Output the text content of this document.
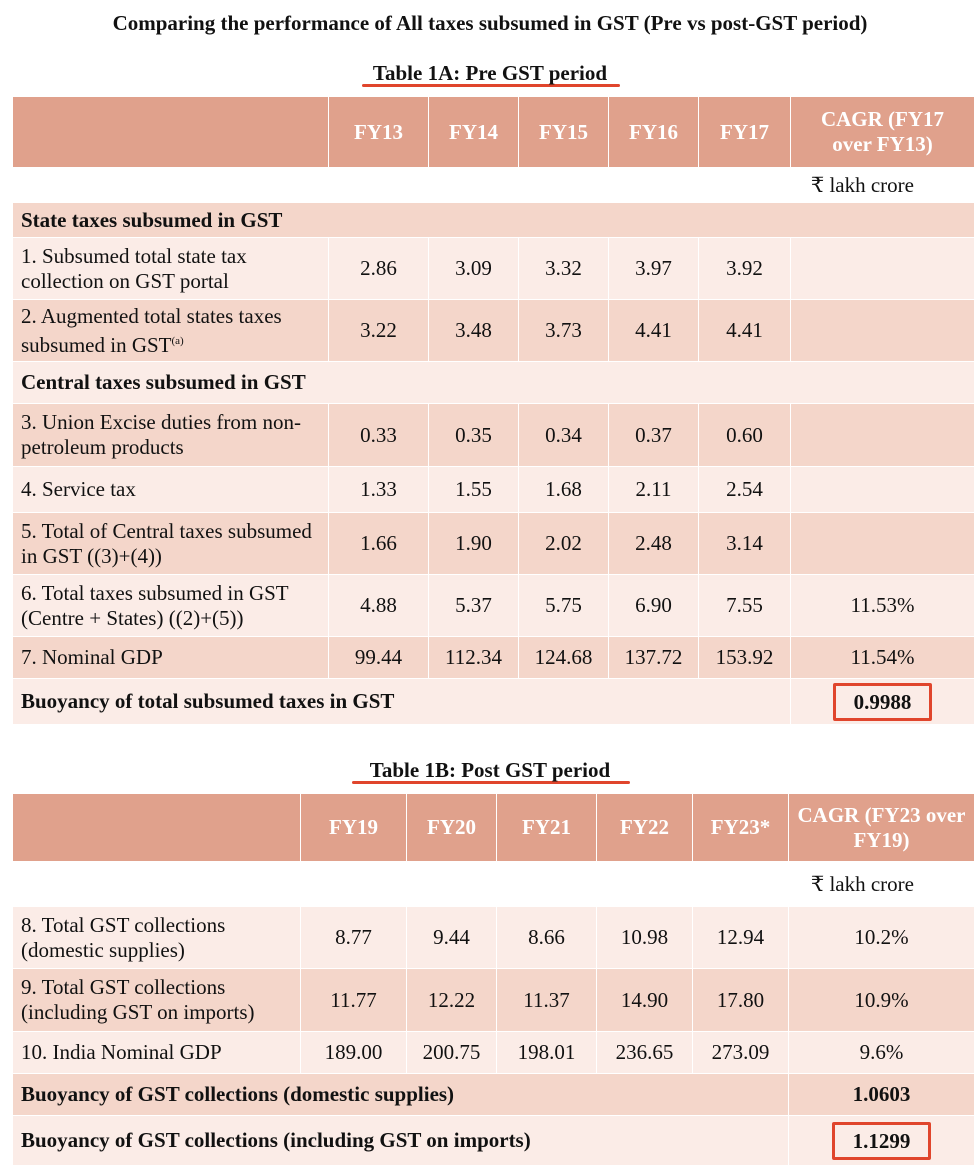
Comparing the performance of All taxes subsumed in GST (Pre vs post-GST period)
Table 1A: Pre GST period
	FY13	FY14	FY15	FY16	FY17	CAGR (FY17 over FY13)
₹ lakh crore						
State taxes subsumed in GST						
1. Subsumed total state tax collection on GST portal	2.86	3.09	3.32	3.97	3.92	
2. Augmented total states taxes subsumed in GST$^{(a)}$	3.22	3.48	3.73	4.41	4.41	
Central taxes subsumed in GST						
3. Union Excise duties from non-petroleum products	0.33	0.35	0.34	0.37	0.60	
4. Service tax	1.33	1.55	1.68	2.11	2.54	
5. Total of Central taxes subsumed in GST ((3)+(4))	1.66	1.90	2.02	2.48	3.14	
6. Total taxes subsumed in GST (Centre + States) ((2)+(5))	4.88	5.37	5.75	6.90	7.55	11.53%
7. Nominal GDP	99.44	112.34	124.68	137.72	153.92	11.54%
Buoyancy of total subsumed taxes in GST						0.9988
Table 1B: Post GST period
	FY19	FY20	FY21	FY22	FY23*	CAGR (FY23 over FY19)
₹ lakh crore						
8. Total GST collections (domestic supplies)	8.77	9.44	8.66	10.98	12.94	10.2%
9. Total GST collections (including GST on imports)	11.77	12.22	11.37	14.90	17.80	10.9%
10. India Nominal GDP	189.00	200.75	198.01	236.65	273.09	9.6%
Buoyancy of GST collections (domestic supplies)						1.0603
Buoyancy of GST collections (including GST on imports)						1.1299
